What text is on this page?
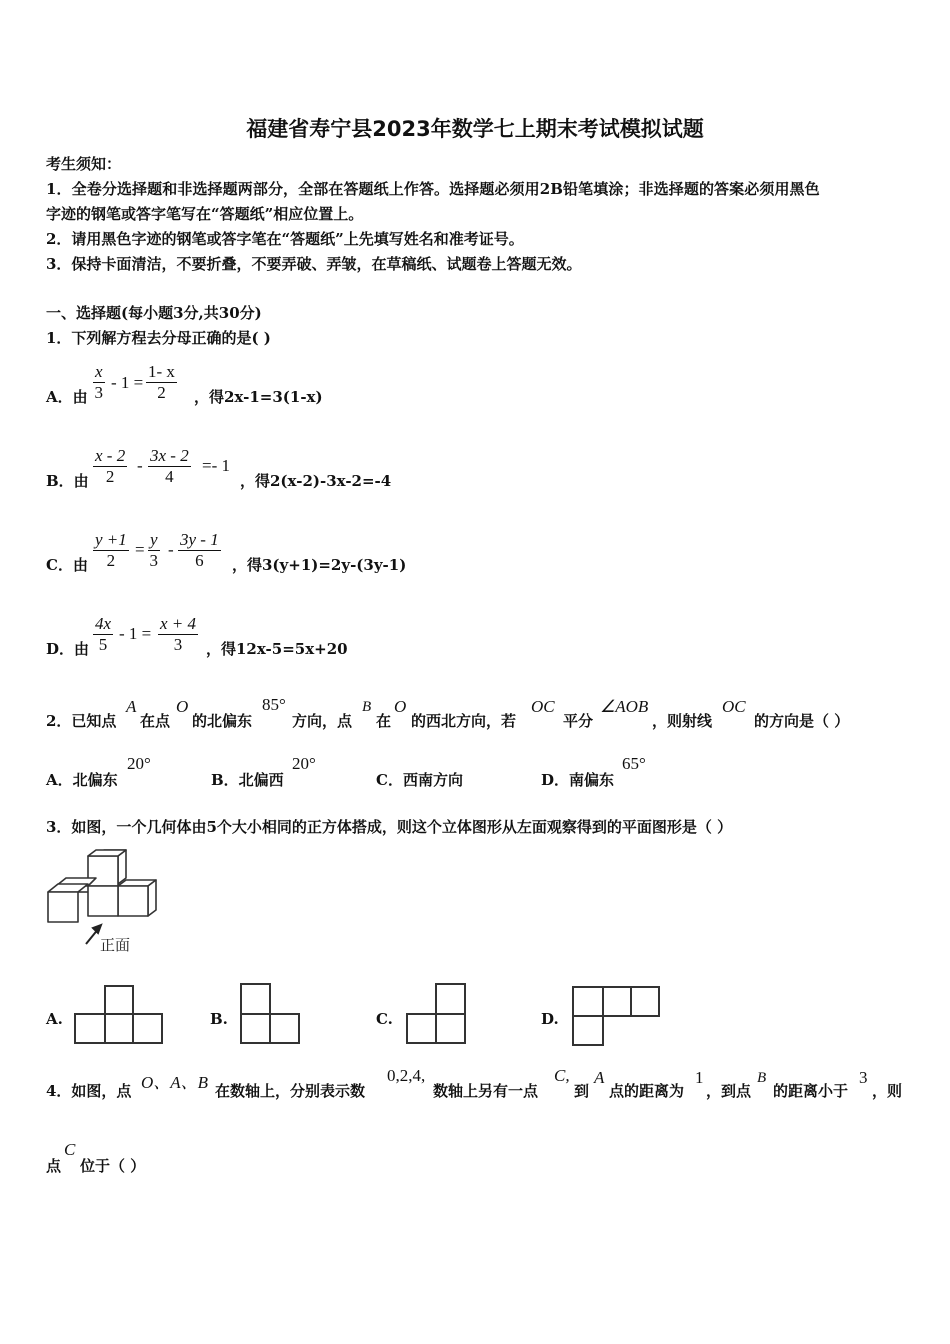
福建省寿宁县2023年数学七上期末考试模拟试题
考生须知：
1．全卷分选择题和非选择题两部分，全部在答题纸上作答。选择题必须用2B铅笔填涂；非选择题的答案必须用黑色
字迹的钢笔或答字笔写在“答题纸”相应位置上。
2．请用黑色字迹的钢笔或答字笔在“答题纸”上先填写姓名和准考证号。
3．保持卡面清洁，不要折叠，不要弄破、弄皱，在草稿纸、试题卷上答题无效。
一、选择题(每小题3分,共30分)
1．下列解方程去分母正确的是( )
A．由
x
3
- 1 =
1- x
2	，得2x-1=3(1-x)
B．由
x - 2
2
-
3x - 2
4
=- 1
，得2(x-2)-3x-2=-4
C．由
y +1
2
=
y
3
-
3y - 1
6	，得3(y+1)=2y-(3y-1)
D．由
4x
5
- 1 =
x + 4
3	，得12x-5=5x+20
2．已知点
A
在点
O
的北偏东
85°
方向，点
B
在
O
的西北方向，若
OC
平分
∠AOB
，则射线
OC
的方向是（ ）
A．北偏东
20°
B．北偏西
20°
C．西南方向	D．南偏东
65°
3．如图，一个几何体由5个大小相同的正方体搭成，则这个立体图形从左面观察得到的平面图形是（ ）
正面
A.	B.	C.	D.
4．如图，点 O、A、B 在数轴上，分别表示数
0,2,4,
数轴上另有一点
C,
到
A
点的距离为
1
，到点
B
的距离小于
3
，则
点
C
位于（ ）
